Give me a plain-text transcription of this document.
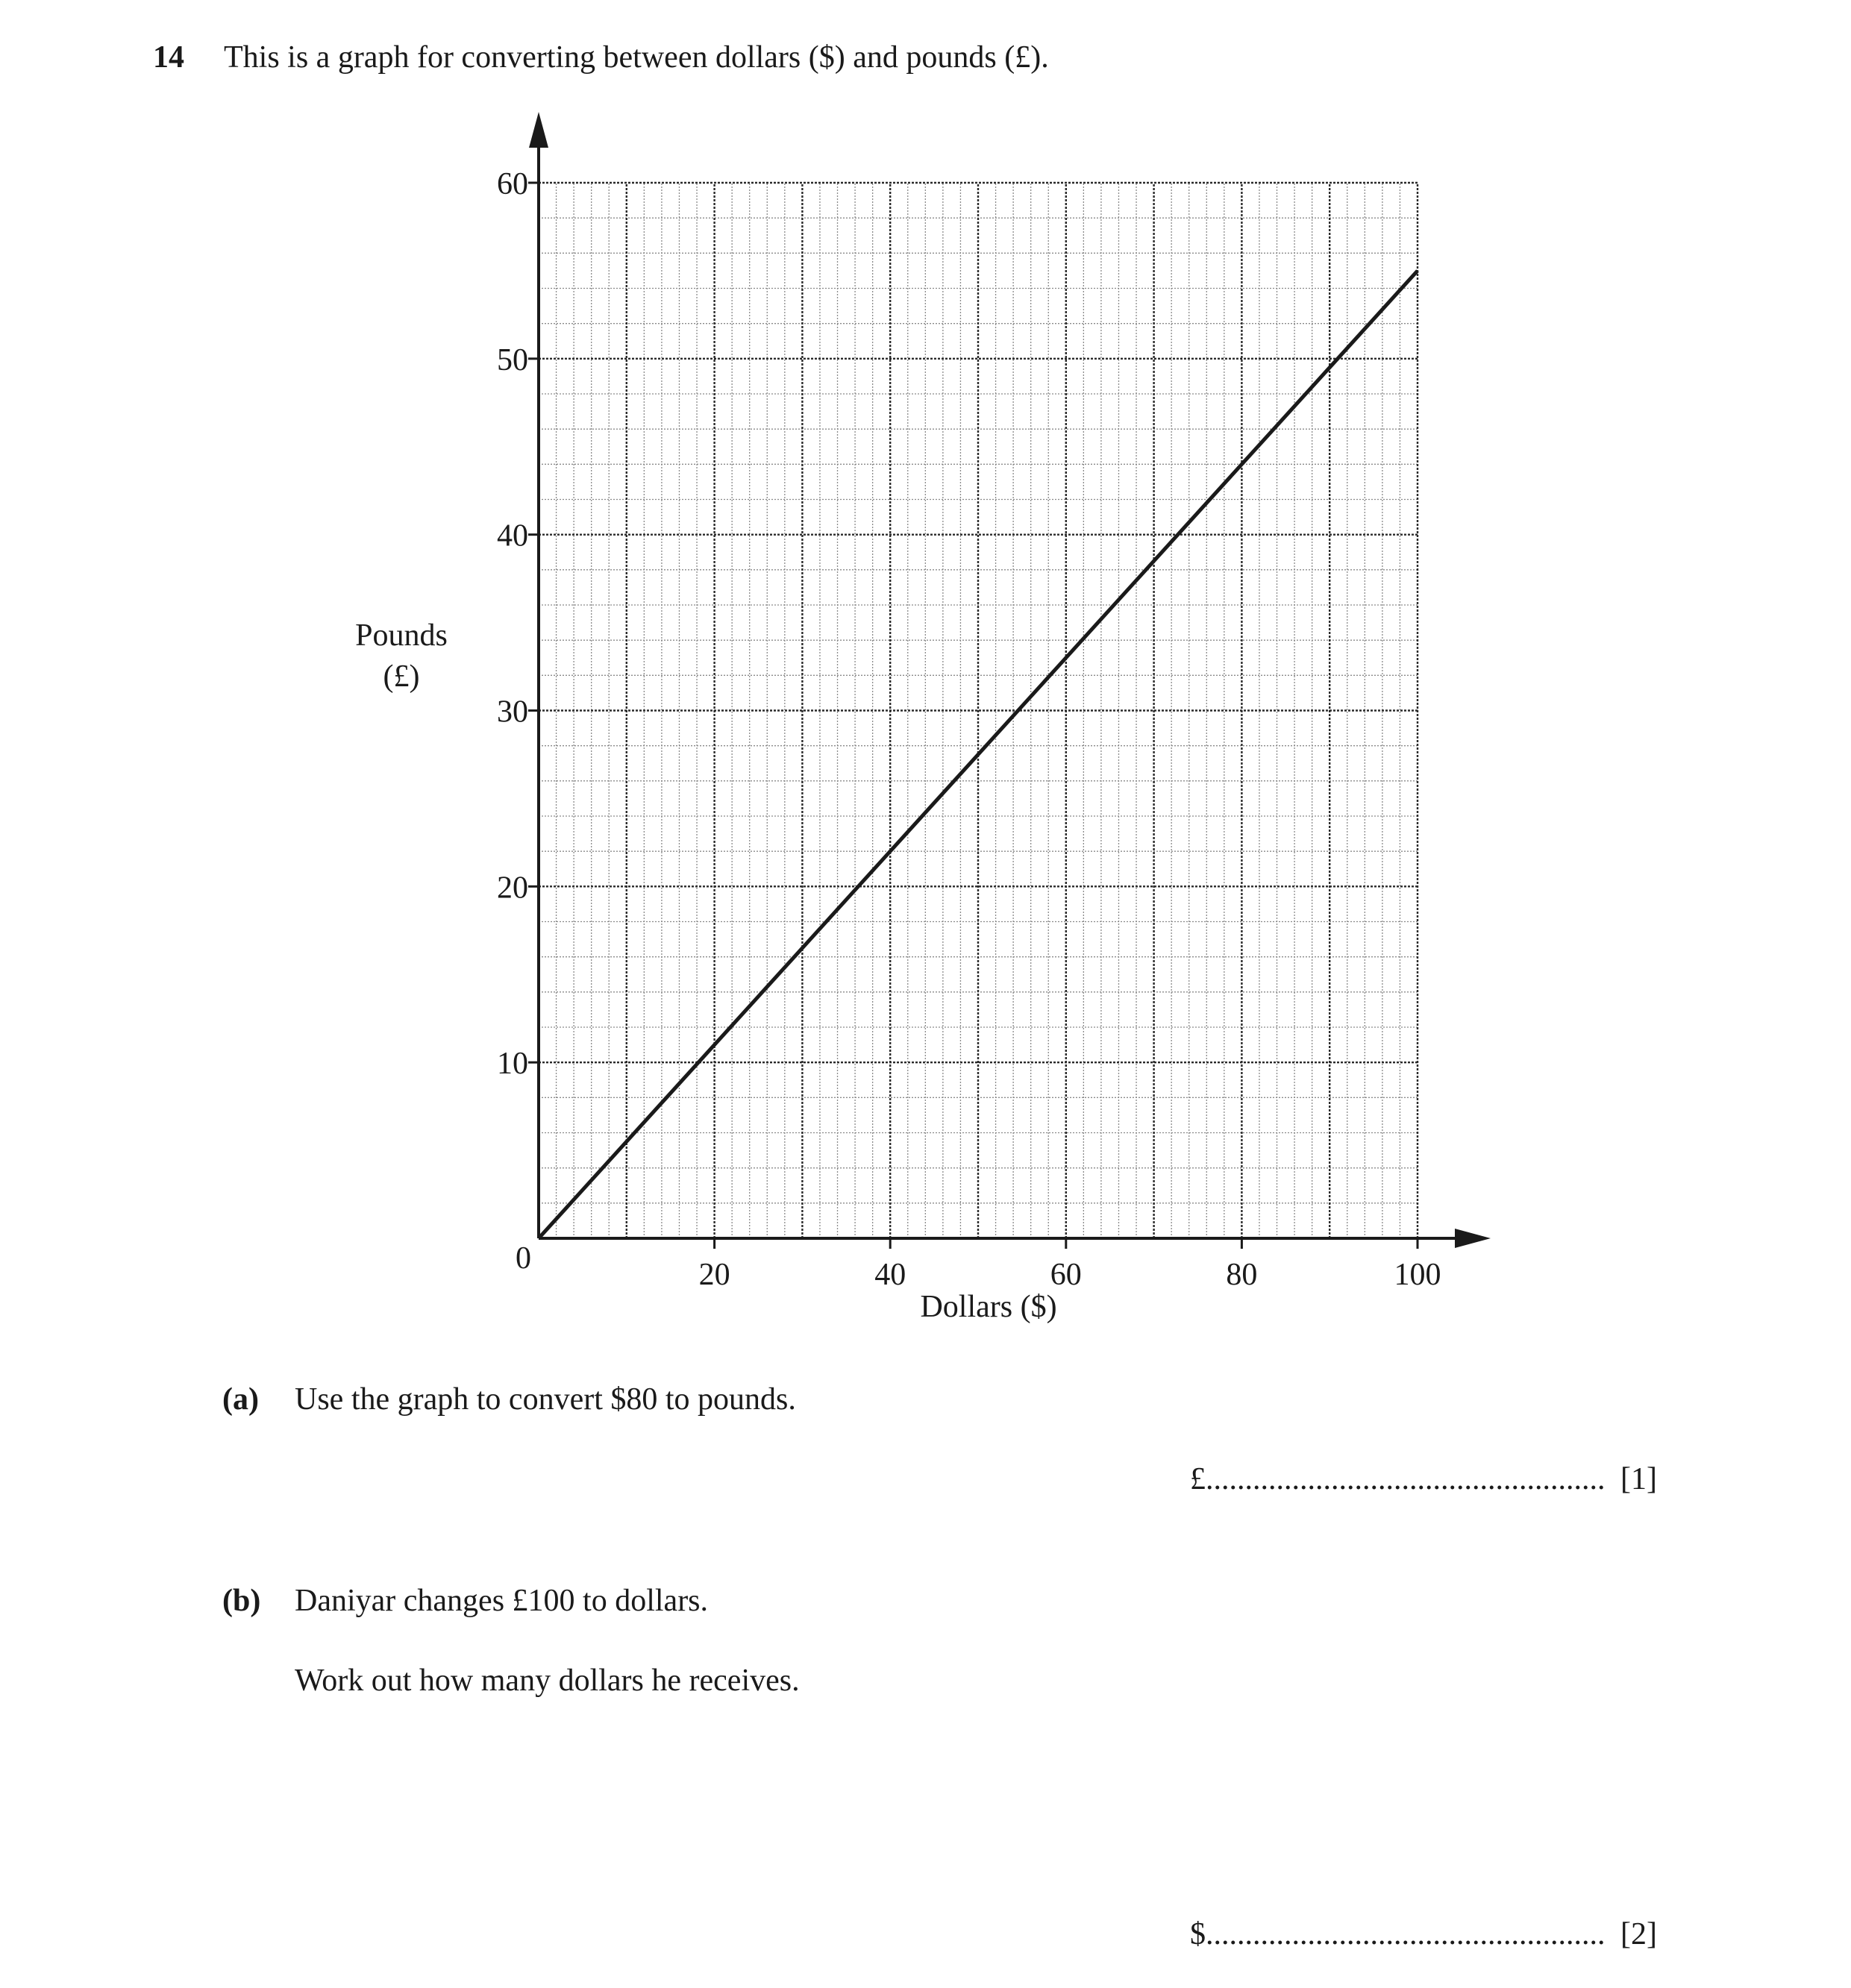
14 This is a graph for converting between dollars ($) and pounds (£).
20	40	60	80	100
10
20
30
40
50
60
0
Dollars ($)
Pounds
(£)
(a) Use the graph to convert $80 to pounds.
£................................................... [1]
(b) Daniyar changes £100 to dollars.
Work out how many dollars he receives.
$................................................... [2]
